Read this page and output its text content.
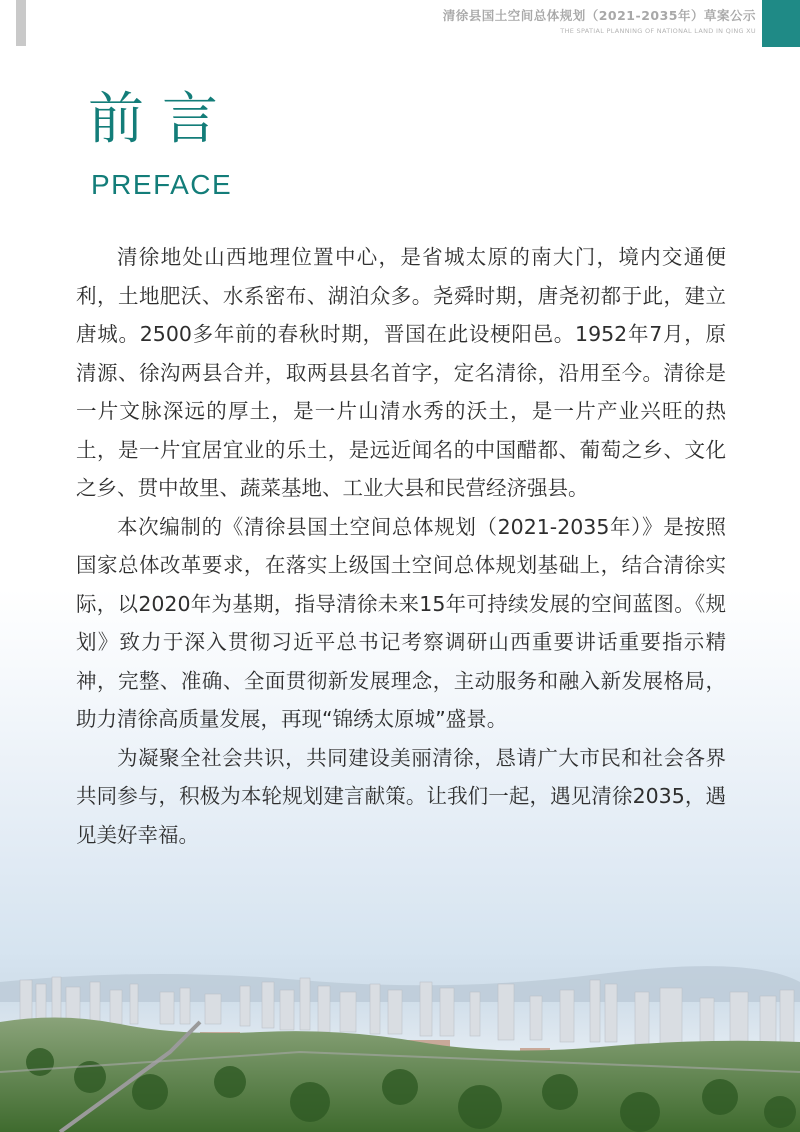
清徐县国土空间总体规划（2021-2035年）草案公示
THE SPATIAL PLANNING OF NATIONAL LAND IN QING XU
前言
PREFACE

清徐地处山西地理位置中心，是省城太原的南大门，境内交通便利，土地肥沃、水系密布、湖泊众多。尧舜时期，唐尧初都于此，建立唐城。2500多年前的春秋时期，晋国在此设梗阳邑。1952年7月，原清源、徐沟两县合并，取两县县名首字，定名清徐，沿用至今。清徐是一片文脉深远的厚土，是一片山清水秀的沃土，是一片产业兴旺的热土，是一片宜居宜业的乐土，是远近闻名的中国醋都、葡萄之乡、文化之乡、贯中故里、蔬菜基地、工业大县和民营经济强县。

本次编制的《清徐县国土空间总体规划（2021-2035年）》是按照国家总体改革要求，在落实上级国土空间总体规划基础上，结合清徐实际，以2020年为基期，指导清徐未来15年可持续发展的空间蓝图。《规划》致力于深入贯彻习近平总书记考察调研山西重要讲话重要指示精神，完整、准确、全面贯彻新发展理念，主动服务和融入新发展格局，助力清徐高质量发展，再现“锦绣太原城”盛景。

为凝聚全社会共识，共同建设美丽清徐，恳请广大市民和社会各界共同参与，积极为本轮规划建言献策。让我们一起，遇见清徐2035，遇见美好幸福。
